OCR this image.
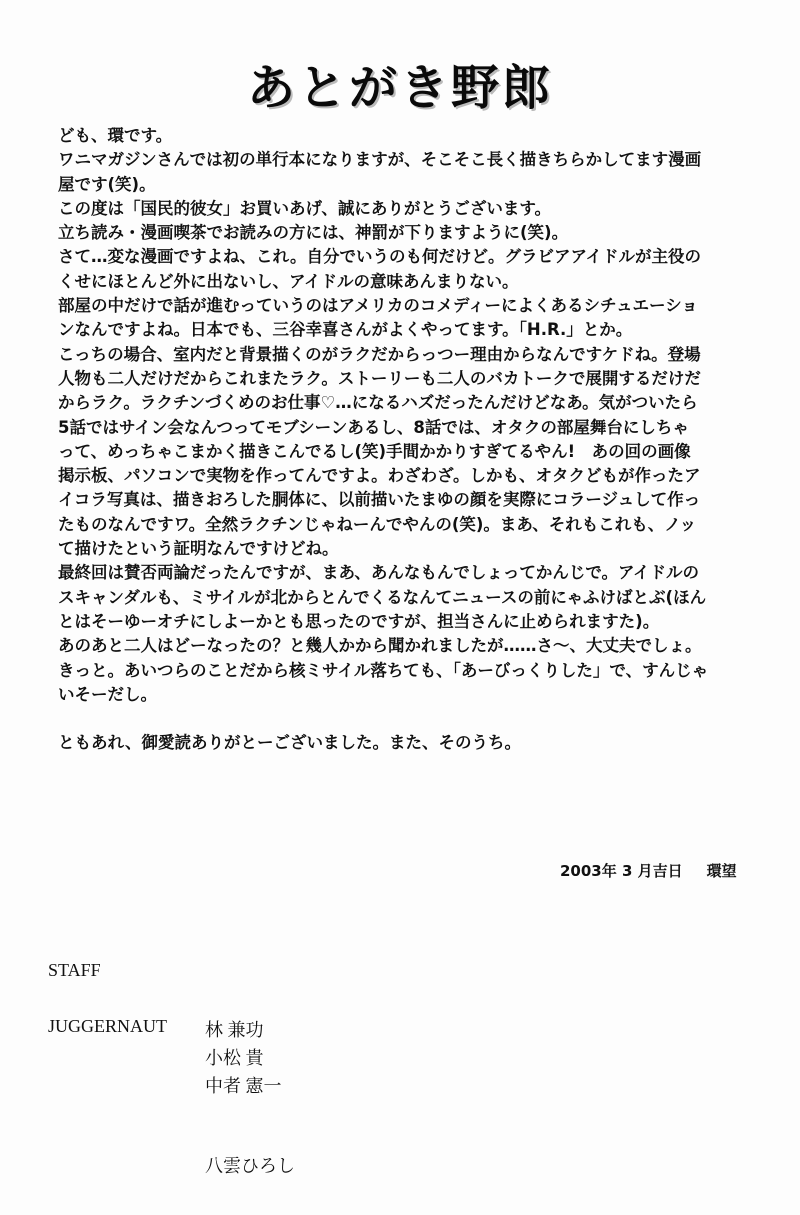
あとがき野郎

ども、環です。

ワニマガジンさんでは初の単行本になりますが、そこそこ長く描きちらかしてます漫画

屋です(笑)。

この度は「国民的彼女」お買いあげ、誠にありがとうございます。

立ち読み・漫画喫茶でお読みの方には、神罰が下りますように(笑)。

さて…変な漫画ですよね、これ。自分でいうのも何だけど。グラビアアイドルが主役の

くせにほとんど外に出ないし、アイドルの意味あんまりない。

部屋の中だけで話が進むっていうのはアメリカのコメディーによくあるシチュエーショ

ンなんですよね。日本でも、三谷幸喜さんがよくやってます。「H.R.」とか。

こっちの場合、室内だと背景描くのがラクだからっつー理由からなんですケドね。登場

人物も二人だけだからこれまたラク。ストーリーも二人のバカトークで展開するだけだ

からラク。ラクチンづくめのお仕事♡…になるハズだったんだけどなあ。気がついたら

5話ではサイン会なんつってモブシーンあるし、8話では、オタクの部屋舞台にしちゃ

って、めっちゃこまかく描きこんでるし(笑)手間かかりすぎてるやん!　あの回の画像

掲示板、パソコンで実物を作ってんですよ。わざわざ。しかも、オタクどもが作ったア

イコラ写真は、描きおろした胴体に、以前描いたまゆの顔を実際にコラージュして作っ

たものなんですワ。全然ラクチンじゃねーんでやんの(笑)。まあ、それもこれも、ノッ

て描けたという証明なんですけどね。

最終回は賛否両論だったんですが、まあ、あんなもんでしょってかんじで。アイドルの

スキャンダルも、ミサイルが北からとんでくるなんてニュースの前にゃふけばとぶ(ほん

とはそーゆーオチにしよーかとも思ったのですが、担当さんに止められますた)。

あのあと二人はどーなったの？と幾人かから聞かれましたが……さ〜、大丈夫でしょ。

きっと。あいつらのことだから核ミサイル落ちても、「あーびっくりした」で、すんじゃ

いそーだし。

ともあれ、御愛読ありがとーございました。また、そのうち。

2003年 3 月吉日 環望
STAFF
JUGGERNAUT 林 兼功
小松 貴
中者 憲一
八雲ひろし
